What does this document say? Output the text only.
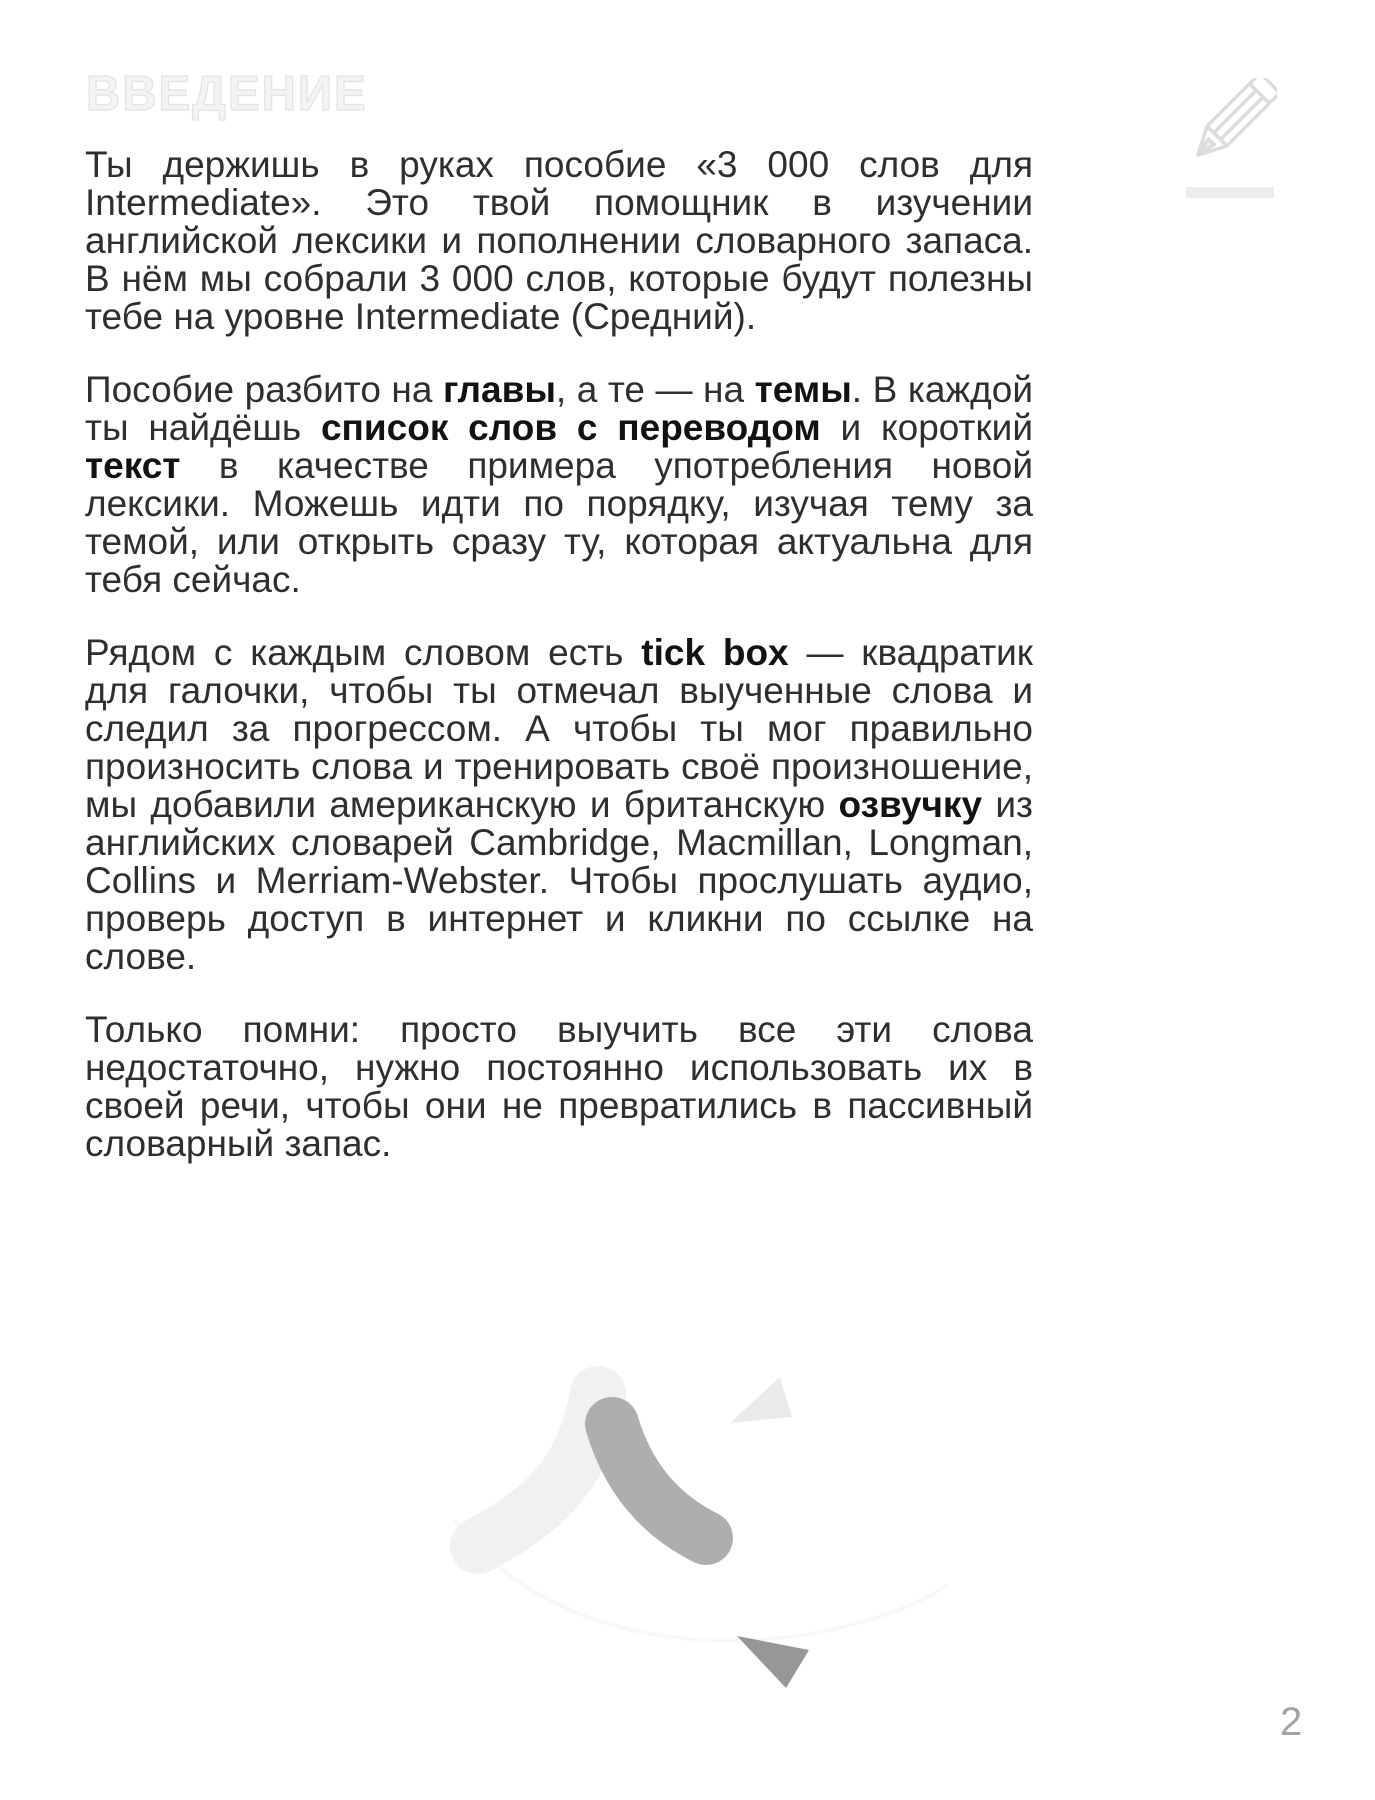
ВВЕДЕНИЕ

Ты держишь в руках пособие «3 000 слов для Intermediate». Это твой помощник в изучении английской лексики и пополнении словарного запаса. В нём мы собрали 3 000 слов, которые будут полезны тебе на уровне Intermediate (Средний).

Пособие разбито на главы, а те — на темы. В каждой ты найдёшь список слов с переводом и короткий текст в качестве примера употребления новой лексики. Можешь идти по порядку, изучая тему за темой, или открыть сразу ту, которая актуальна для тебя сейчас.

Рядом с каждым словом есть tick box — квадратик для галочки, чтобы ты отмечал выученные слова и следил за прогрессом. А чтобы ты мог правильно произносить слова и тренировать своё произношение, мы добавили американскую и британскую озвучку из английских словарей Cambridge, Macmillan, Longman, Collins и Merriam-Webster. Чтобы прослушать аудио, проверь доступ в интернет и кликни по ссылке на слове.

Только помни: просто выучить все эти слова недостаточно, нужно постоянно использовать их в своей речи, чтобы они не превратились в пассивный словарный запас.

2
